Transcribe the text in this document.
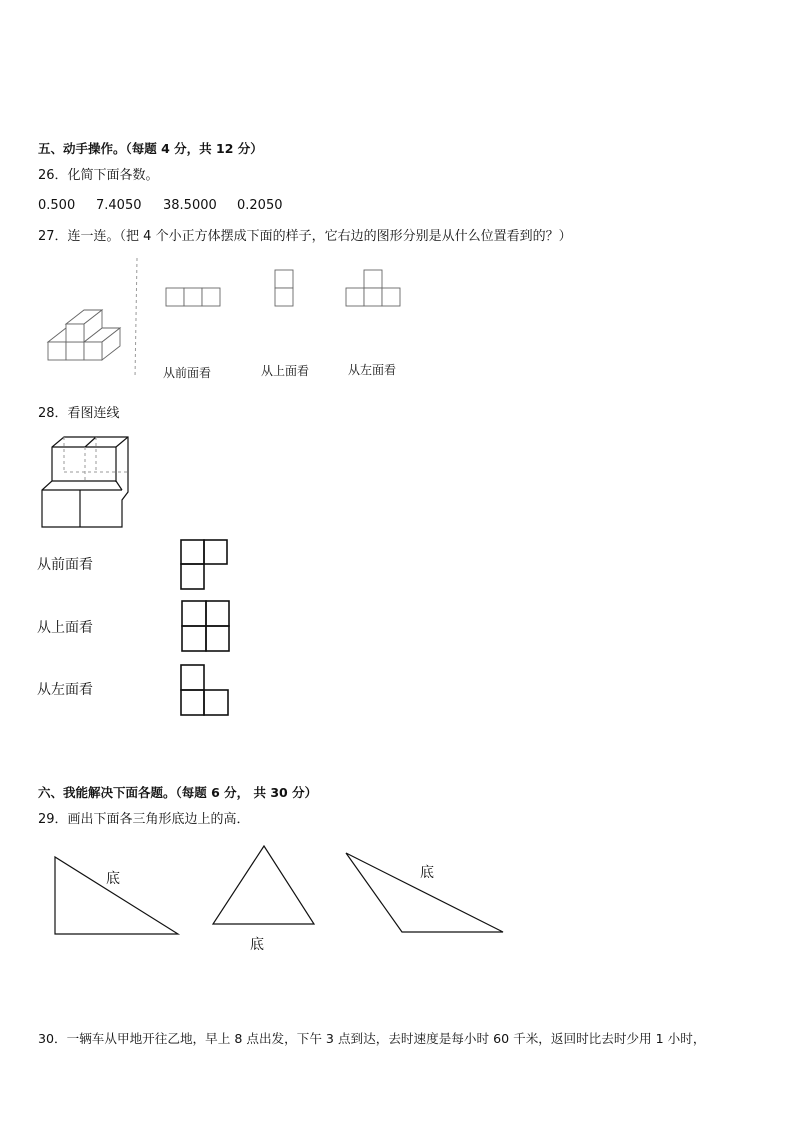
五、动手操作。（每题 4 分，共 12 分）
26．化简下面各数。
0.500 7.4050 38.5000 0.2050
27．连一连。（把 4 个小正方体摆成下面的样子，它右边的图形分别是从什么位置看到的？）
从前面看	从上面看	从左面看
28．看图连线
从前面看
从上面看
从左面看
六、我能解决下面各题。（每题 6 分， 共 30 分）
29．画出下面各三角形底边上的高．
底
底
底
30．一辆车从甲地开往乙地，早上 8 点出发，下午 3 点到达，去时速度是每小时 60 千米，返回时比去时少用 1 小时，
